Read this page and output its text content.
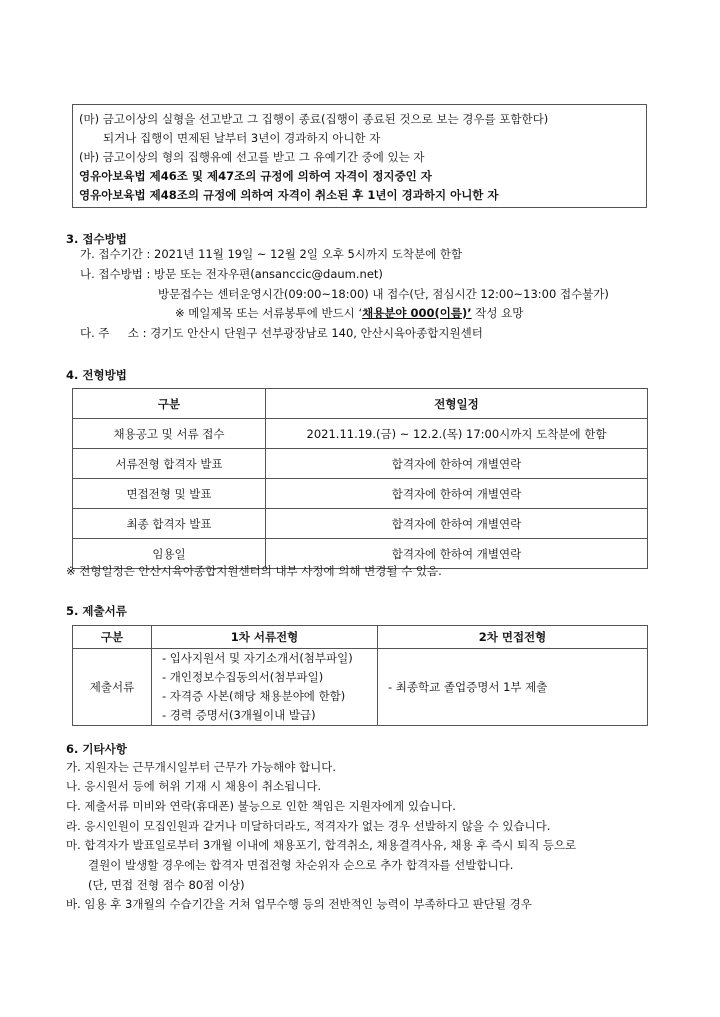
(마) 금고이상의 실형을 선고받고 그 집행이 종료(집행이 종료된 것으로 보는 경우를 포함한다)
되거나 집행이 면제된 날부터 3년이 경과하지 아니한 자
(바) 금고이상의 형의 집행유예 선고를 받고 그 유예기간 중에 있는 자
영유아보육법 제46조 및 제47조의 규정에 의하여 자격이 정지중인 자
영유아보육법 제48조의 규정에 의하여 자격이 취소된 후 1년이 경과하지 아니한 자
3. 접수방법
가. 접수기간 : 2021년 11월 19일 ~ 12월 2일 오후 5시까지 도착분에 한함
나. 접수방법 : 방문 또는 전자우편(ansanccic@daum.net)
방문접수는 센터운영시간(09:00~18:00) 내 접수(단, 점심시간 12:00~13:00 접수불가)
※ 메일제목 또는 서류봉투에 반드시 ‘채용분야 000(이름)’ 작성 요망
다. 주     소 : 경기도 안산시 단원구 선부광장남로 140, 안산시육아종합지원센터
4. 전형방법
구분	전형일정
채용공고 및 서류 접수	2021.11.19.(금) ~ 12.2.(목) 17:00시까지 도착분에 한함
서류전형 합격자 발표	합격자에 한하여 개별연락
면접전형 및 발표	합격자에 한하여 개별연락
최종 합격자 발표	합격자에 한하여 개별연락
임용일	합격자에 한하여 개별연락
※ 전형일정은 안산시육아종합지원센터의 내부 사정에 의해 변경될 수 있음.
5. 제출서류
구분	1차 서류전형	2차 면접전형
제출서류	- 입사지원서 및 자기소개서(첨부파일)
- 개인정보수집동의서(첨부파일)
- 자격증 사본(해당 채용분야에 한함)
- 경력 증명서(3개월이내 발급)	- 최종학교 졸업증명서 1부 제출
6. 기타사항
가. 지원자는 근무개시일부터 근무가 가능해야 합니다.
나. 응시원서 등에 허위 기재 시 채용이 취소됩니다.
다. 제출서류 미비와 연락(휴대폰) 불능으로 인한 책임은 지원자에게 있습니다.
라. 응시인원이 모집인원과 같거나 미달하더라도, 적격자가 없는 경우 선발하지 않을 수 있습니다.
마. 합격자가 발표일로부터 3개월 이내에 채용포기, 합격취소, 채용결격사유, 채용 후 즉시 퇴직 등으로
결원이 발생할 경우에는 합격자 면접전형 차순위자 순으로 추가 합격자를 선발합니다.
(단, 면접 전형 점수 80점 이상)
바. 임용 후 3개월의 수습기간을 거쳐 업무수행 등의 전반적인 능력이 부족하다고 판단될 경우
